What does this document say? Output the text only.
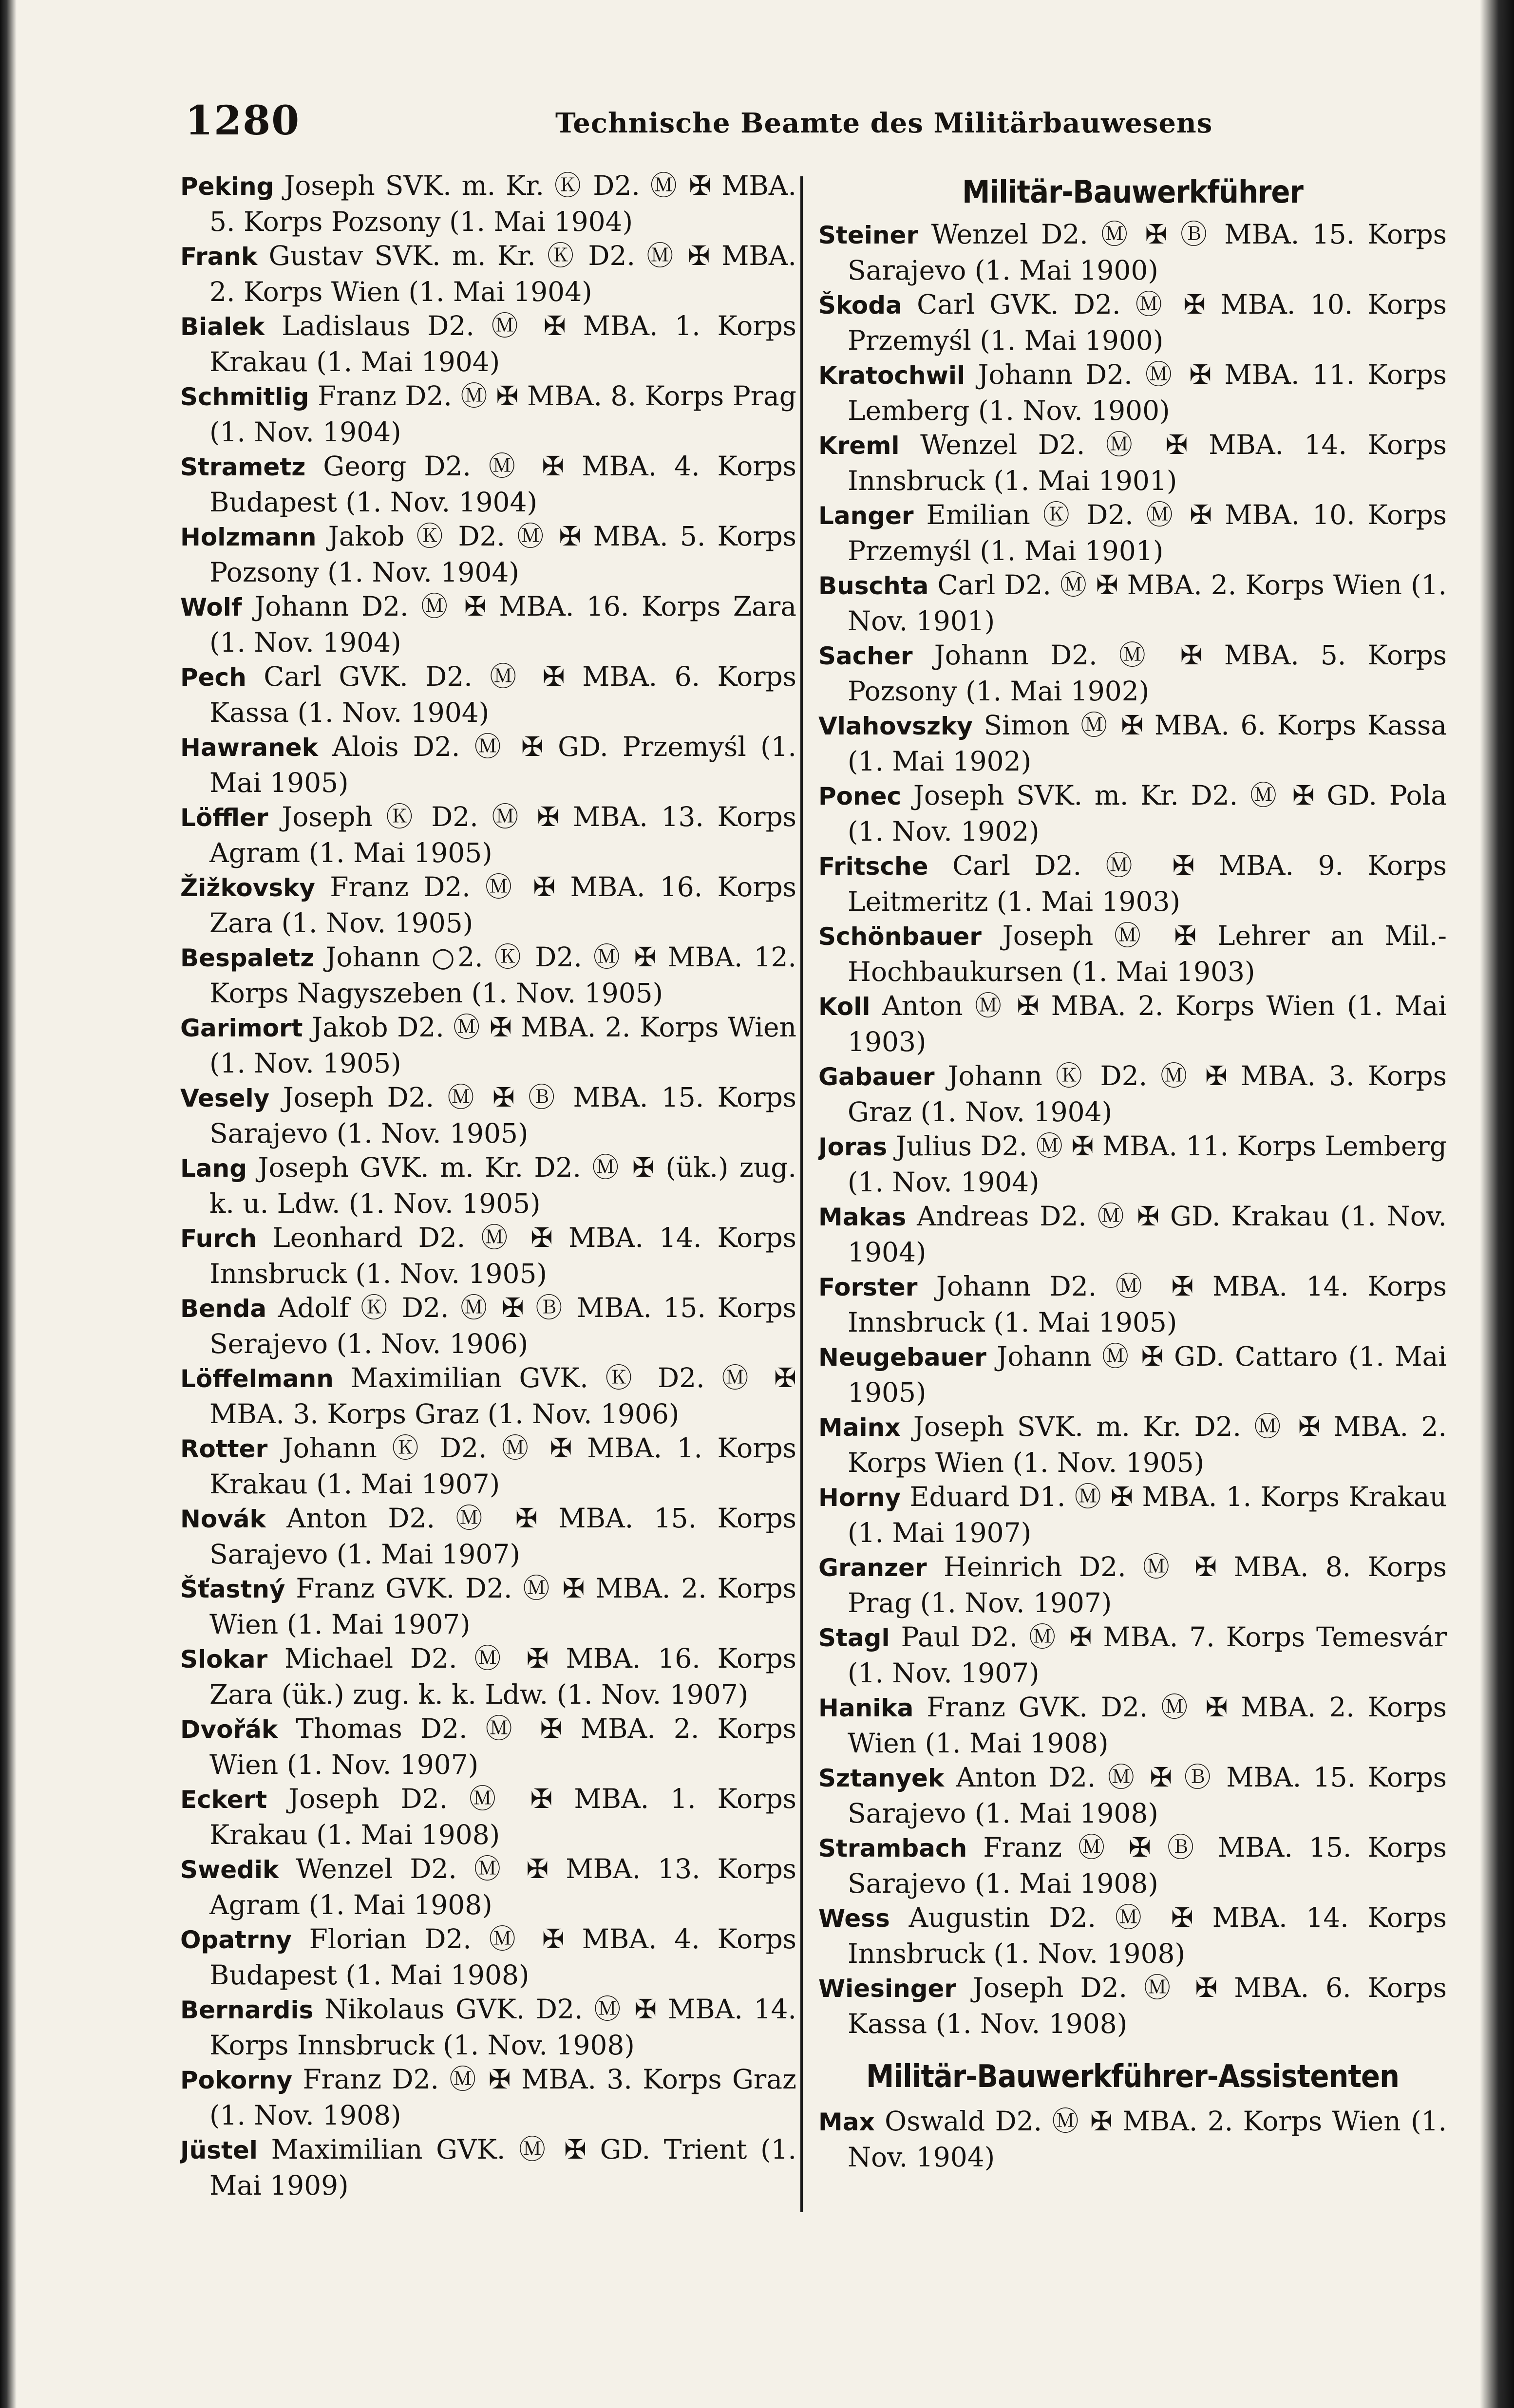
1280	Technische Beamte des Militärbauwesens
Peking Joseph SVK. m. Kr. Ⓚ D2. Ⓜ ✠ MBA. 5. Korps Pozsony (1. Mai 1904)
Frank Gustav SVK. m. Kr. Ⓚ D2. Ⓜ ✠ MBA. 2. Korps Wien (1. Mai 1904)
Bialek Ladislaus D2. Ⓜ ✠ MBA. 1. Korps Krakau (1. Mai 1904)
Schmitlig Franz D2. Ⓜ ✠ MBA. 8. Korps Prag (1. Nov. 1904)
Strametz Georg D2. Ⓜ ✠ MBA. 4. Korps Budapest (1. Nov. 1904)
Holzmann Jakob Ⓚ D2. Ⓜ ✠ MBA. 5. Korps Pozsony (1. Nov. 1904)
Wolf Johann D2. Ⓜ ✠ MBA. 16. Korps Zara (1. Nov. 1904)
Pech Carl GVK. D2. Ⓜ ✠ MBA. 6. Korps Kassa (1. Nov. 1904)
Hawranek Alois D2. Ⓜ ✠ GD. Przemyśl (1. Mai 1905)
Löffler Joseph Ⓚ D2. Ⓜ ✠ MBA. 13. Korps Agram (1. Mai 1905)
Žižkovsky Franz D2. Ⓜ ✠ MBA. 16. Korps Zara (1. Nov. 1905)
Bespaletz Johann ○2. Ⓚ D2. Ⓜ ✠ MBA. 12. Korps Nagyszeben (1. Nov. 1905)
Garimort Jakob D2. Ⓜ ✠ MBA. 2. Korps Wien (1. Nov. 1905)
Vesely Joseph D2. Ⓜ ✠ Ⓑ MBA. 15. Korps Sarajevo (1. Nov. 1905)
Lang Joseph GVK. m. Kr. D2. Ⓜ ✠ (ük.) zug. k. u. Ldw. (1. Nov. 1905)
Furch Leonhard D2. Ⓜ ✠ MBA. 14. Korps Innsbruck (1. Nov. 1905)
Benda Adolf Ⓚ D2. Ⓜ ✠ Ⓑ MBA. 15. Korps Serajevo (1. Nov. 1906)
Löffelmann Maximilian GVK. Ⓚ D2. Ⓜ ✠ MBA. 3. Korps Graz (1. Nov. 1906)
Rotter Johann Ⓚ D2. Ⓜ ✠ MBA. 1. Korps Krakau (1. Mai 1907)
Novák Anton D2. Ⓜ ✠ MBA. 15. Korps Sarajevo (1. Mai 1907)
Šťastný Franz GVK. D2. Ⓜ ✠ MBA. 2. Korps Wien (1. Mai 1907)
Slokar Michael D2. Ⓜ ✠ MBA. 16. Korps Zara (ük.) zug. k. k. Ldw. (1. Nov. 1907)
Dvořák Thomas D2. Ⓜ ✠ MBA. 2. Korps Wien (1. Nov. 1907)
Eckert Joseph D2. Ⓜ ✠ MBA. 1. Korps Krakau (1. Mai 1908)
Swedik Wenzel D2. Ⓜ ✠ MBA. 13. Korps Agram (1. Mai 1908)
Opatrny Florian D2. Ⓜ ✠ MBA. 4. Korps Budapest (1. Mai 1908)
Bernardis Nikolaus GVK. D2. Ⓜ ✠ MBA. 14. Korps Innsbruck (1. Nov. 1908)
Pokorny Franz D2. Ⓜ ✠ MBA. 3. Korps Graz (1. Nov. 1908)
Jüstel Maximilian GVK. Ⓜ ✠ GD. Trient (1. Mai 1909)
Militär-Bauwerkführer
Steiner Wenzel D2. Ⓜ ✠ Ⓑ MBA. 15. Korps Sarajevo (1. Mai 1900)
Škoda Carl GVK. D2. Ⓜ ✠ MBA. 10. Korps Przemyśl (1. Mai 1900)
Kratochwil Johann D2. Ⓜ ✠ MBA. 11. Korps Lemberg (1. Nov. 1900)
Kreml Wenzel D2. Ⓜ ✠ MBA. 14. Korps Innsbruck (1. Mai 1901)
Langer Emilian Ⓚ D2. Ⓜ ✠ MBA. 10. Korps Przemyśl (1. Mai 1901)
Buschta Carl D2. Ⓜ ✠ MBA. 2. Korps Wien (1. Nov. 1901)
Sacher Johann D2. Ⓜ ✠ MBA. 5. Korps Pozsony (1. Mai 1902)
Vlahovszky Simon Ⓜ ✠ MBA. 6. Korps Kassa (1. Mai 1902)
Ponec Joseph SVK. m. Kr. D2. Ⓜ ✠ GD. Pola (1. Nov. 1902)
Fritsche Carl D2. Ⓜ ✠ MBA. 9. Korps Leitmeritz (1. Mai 1903)
Schönbauer Joseph Ⓜ ✠ Lehrer an Mil.-Hochbaukursen (1. Mai 1903)
Koll Anton Ⓜ ✠ MBA. 2. Korps Wien (1. Mai 1903)
Gabauer Johann Ⓚ D2. Ⓜ ✠ MBA. 3. Korps Graz (1. Nov. 1904)
Joras Julius D2. Ⓜ ✠ MBA. 11. Korps Lemberg (1. Nov. 1904)
Makas Andreas D2. Ⓜ ✠ GD. Krakau (1. Nov. 1904)
Forster Johann D2. Ⓜ ✠ MBA. 14. Korps Innsbruck (1. Mai 1905)
Neugebauer Johann Ⓜ ✠ GD. Cattaro (1. Mai 1905)
Mainx Joseph SVK. m. Kr. D2. Ⓜ ✠ MBA. 2. Korps Wien (1. Nov. 1905)
Horny Eduard D1. Ⓜ ✠ MBA. 1. Korps Krakau (1. Mai 1907)
Granzer Heinrich D2. Ⓜ ✠ MBA. 8. Korps Prag (1. Nov. 1907)
Stagl Paul D2. Ⓜ ✠ MBA. 7. Korps Temesvár (1. Nov. 1907)
Hanika Franz GVK. D2. Ⓜ ✠ MBA. 2. Korps Wien (1. Mai 1908)
Sztanyek Anton D2. Ⓜ ✠ Ⓑ MBA. 15. Korps Sarajevo (1. Mai 1908)
Strambach Franz Ⓜ ✠ Ⓑ MBA. 15. Korps Sarajevo (1. Mai 1908)
Wess Augustin D2. Ⓜ ✠ MBA. 14. Korps Innsbruck (1. Nov. 1908)
Wiesinger Joseph D2. Ⓜ ✠ MBA. 6. Korps Kassa (1. Nov. 1908)
Militär-Bauwerkführer-Assistenten
Max Oswald D2. Ⓜ ✠ MBA. 2. Korps Wien (1. Nov. 1904)
